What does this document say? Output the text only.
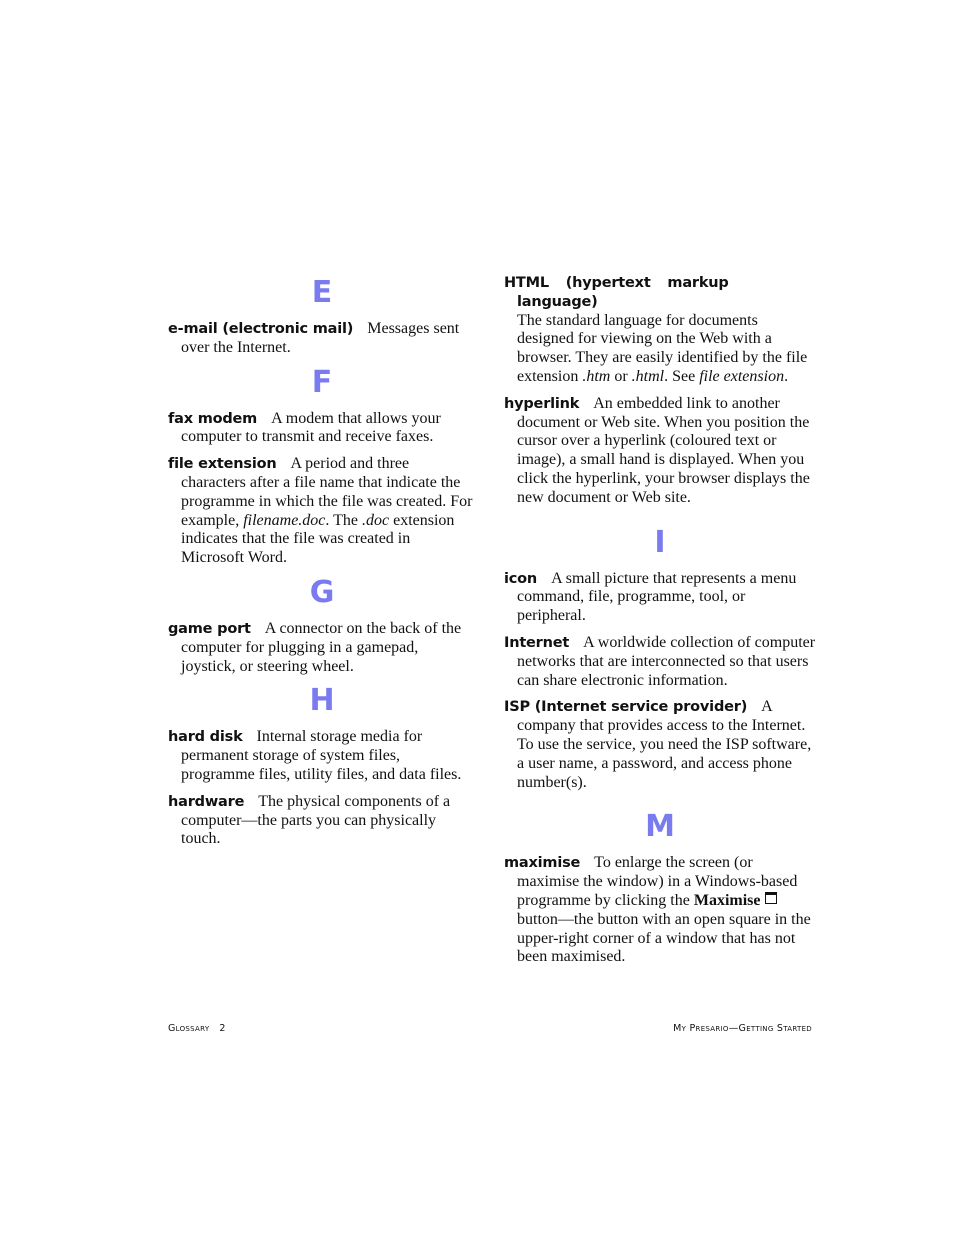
E

e-mail (electronic mail) Messages sent over the Internet.

F

fax modem A modem that allows your computer to transmit and receive faxes.

file extension A period and three characters after a file name that indicate the programme in which the file was created. For example, filename.doc. The .doc extension indicates that the file was created in Microsoft Word.

G

game port A connector on the back of the computer for plugging in a gamepad, joystick, or steering wheel.

H

hard disk Internal storage media for permanent storage of system files, programme files, utility files, and data files.

hardware The physical components of a computer—the parts you can physically touch.

HTML (hypertext markup language)
The standard language for documents designed for viewing on the Web with a browser. They are easily identified by the file extension .htm or .html. See file extension.

hyperlink An embedded link to another document or Web site. When you position the cursor over a hyperlink (coloured text or image), a small hand is displayed. When you click the hyperlink, your browser displays the new document or Web site.

I

icon A small picture that represents a menu command, file, programme, tool, or peripheral.

Internet A worldwide collection of computer networks that are interconnected so that users can share electronic information.

ISP (Internet service provider) A company that provides access to the Internet. To use the service, you need the ISP software, a user name, a password, and access phone number(s).

M

maximise To enlarge the screen (or maximise the window) in a Windows-based programme by clicking the Maximise button—the button with an open square in the upper-right corner of a window that has not been maximised.

Glossary 2	My Presario—Getting Started
